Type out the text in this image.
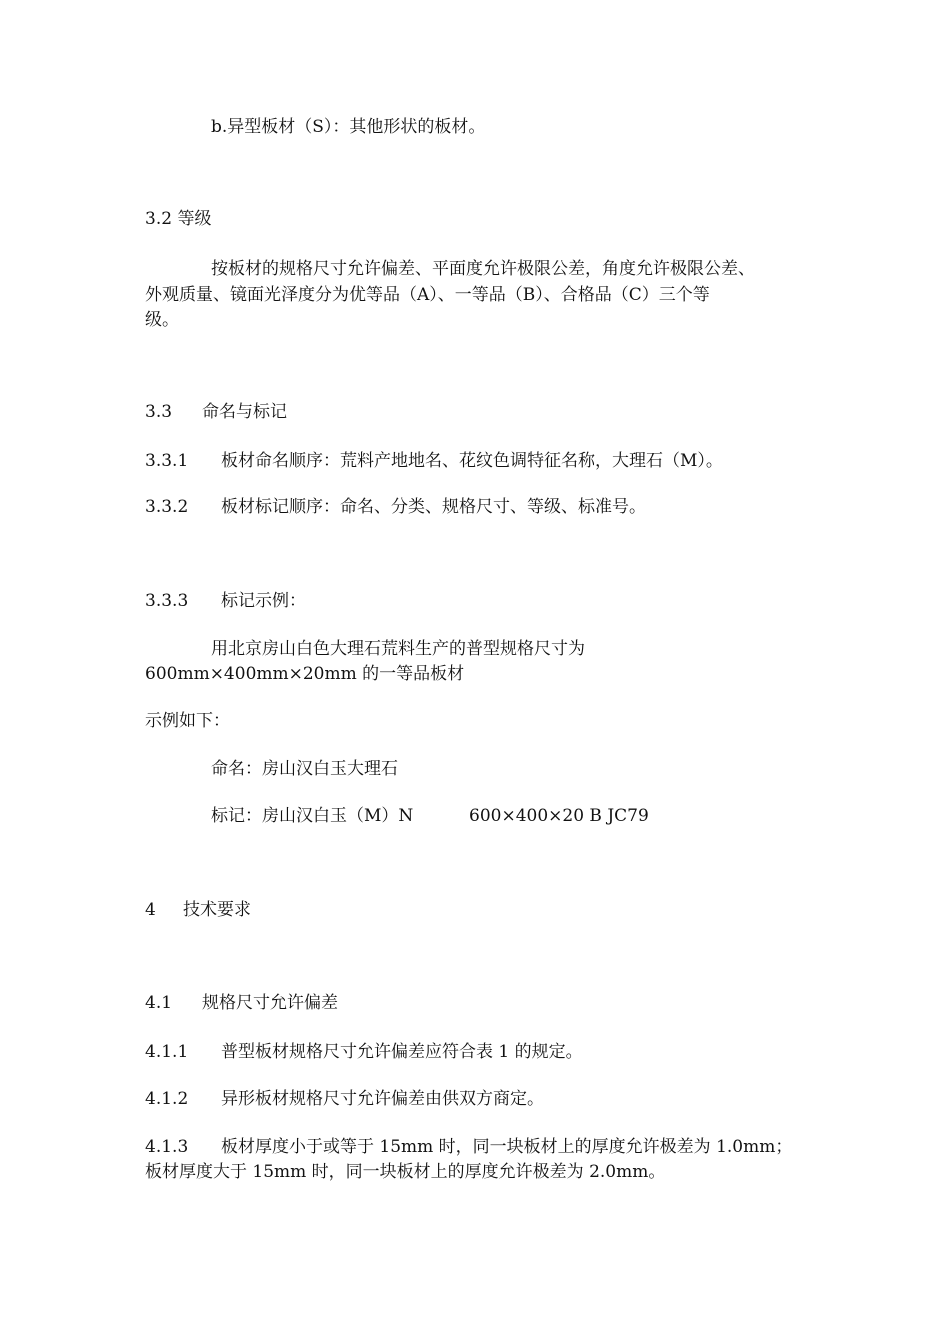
b.异型板材（S）：其他形状的板材。
3.2 等级
按板材的规格尺寸允许偏差、平面度允许极限公差，角度允许极限公差、
外观质量、镜面光泽度分为优等品（A）、一等品（B）、合格品（C）三个等
级。
3.3 命名与标记
3.3.1 板材命名顺序：荒料产地地名、花纹色调特征名称，大理石（M）。
3.3.2 板材标记顺序：命名、分类、规格尺寸、等级、标准号。
3.3.3 标记示例：
用北京房山白色大理石荒料生产的普型规格尺寸为
600mm×400mm×20mm 的一等品板材
示例如下：
命名：房山汉白玉大理石
标记：房山汉白玉（M）N	600×400×20 B JC79
4 技术要求
4.1 规格尺寸允许偏差
4.1.1 普型板材规格尺寸允许偏差应符合表 1 的规定。
4.1.2 异形板材规格尺寸允许偏差由供双方商定。
4.1.3 板材厚度小于或等于 15mm 时，同一块板材上的厚度允许极差为 1.0mm；
板材厚度大于 15mm 时，同一块板材上的厚度允许极差为 2.0mm。
